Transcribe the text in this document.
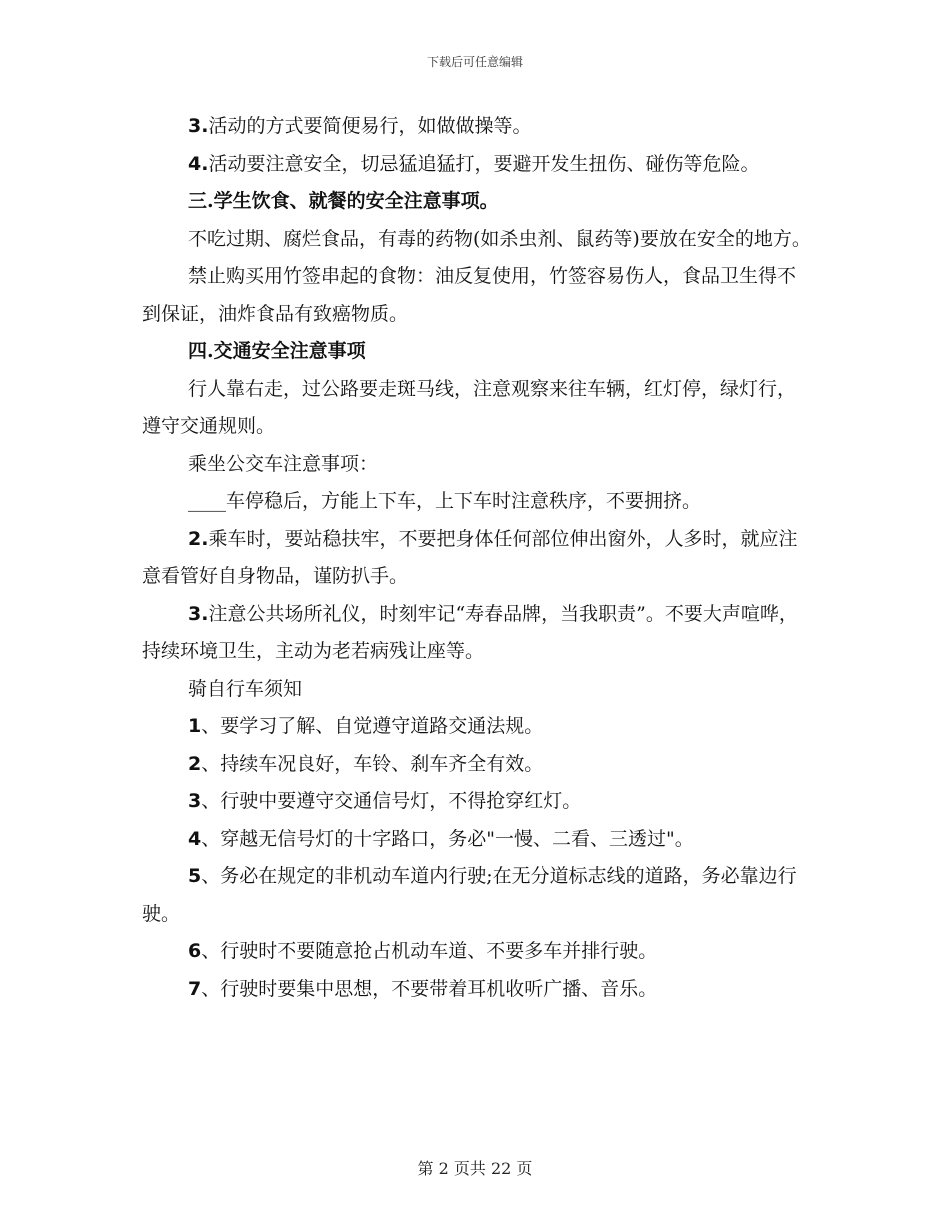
下载后可任意编辑

3.活动的方式要简便易行，如做做操等。

4.活动要注意安全，切忌猛追猛打，要避开发生扭伤、碰伤等危险。

三.学生饮食、就餐的安全注意事项。

不吃过期、腐烂食品，有毒的药物(如杀虫剂、鼠药等)要放在安全的地方。

禁止购买用竹签串起的食物：油反复使用，竹签容易伤人，食品卫生得不到保证，油炸食品有致癌物质。

四.交通安全注意事项

行人靠右走，过公路要走斑马线，注意观察来往车辆，红灯停，绿灯行，遵守交通规则。

乘坐公交车注意事项：

____车停稳后，方能上下车，上下车时注意秩序，不要拥挤。

2.乘车时，要站稳扶牢，不要把身体任何部位伸出窗外，人多时，就应注意看管好自身物品，谨防扒手。

3.注意公共场所礼仪，时刻牢记“寿春品牌，当我职责”。不要大声喧哗，持续环境卫生，主动为老若病残让座等。

骑自行车须知

1、要学习了解、自觉遵守道路交通法规。

2、持续车况良好，车铃、刹车齐全有效。

3、行驶中要遵守交通信号灯，不得抢穿红灯。

4、穿越无信号灯的十字路口，务必"一慢、二看、三透过"。

5、务必在规定的非机动车道内行驶;在无分道标志线的道路，务必靠边行驶。

6、行驶时不要随意抢占机动车道、不要多车并排行驶。

7、行驶时要集中思想，不要带着耳机收听广播、音乐。

第 2 页共 22 页
